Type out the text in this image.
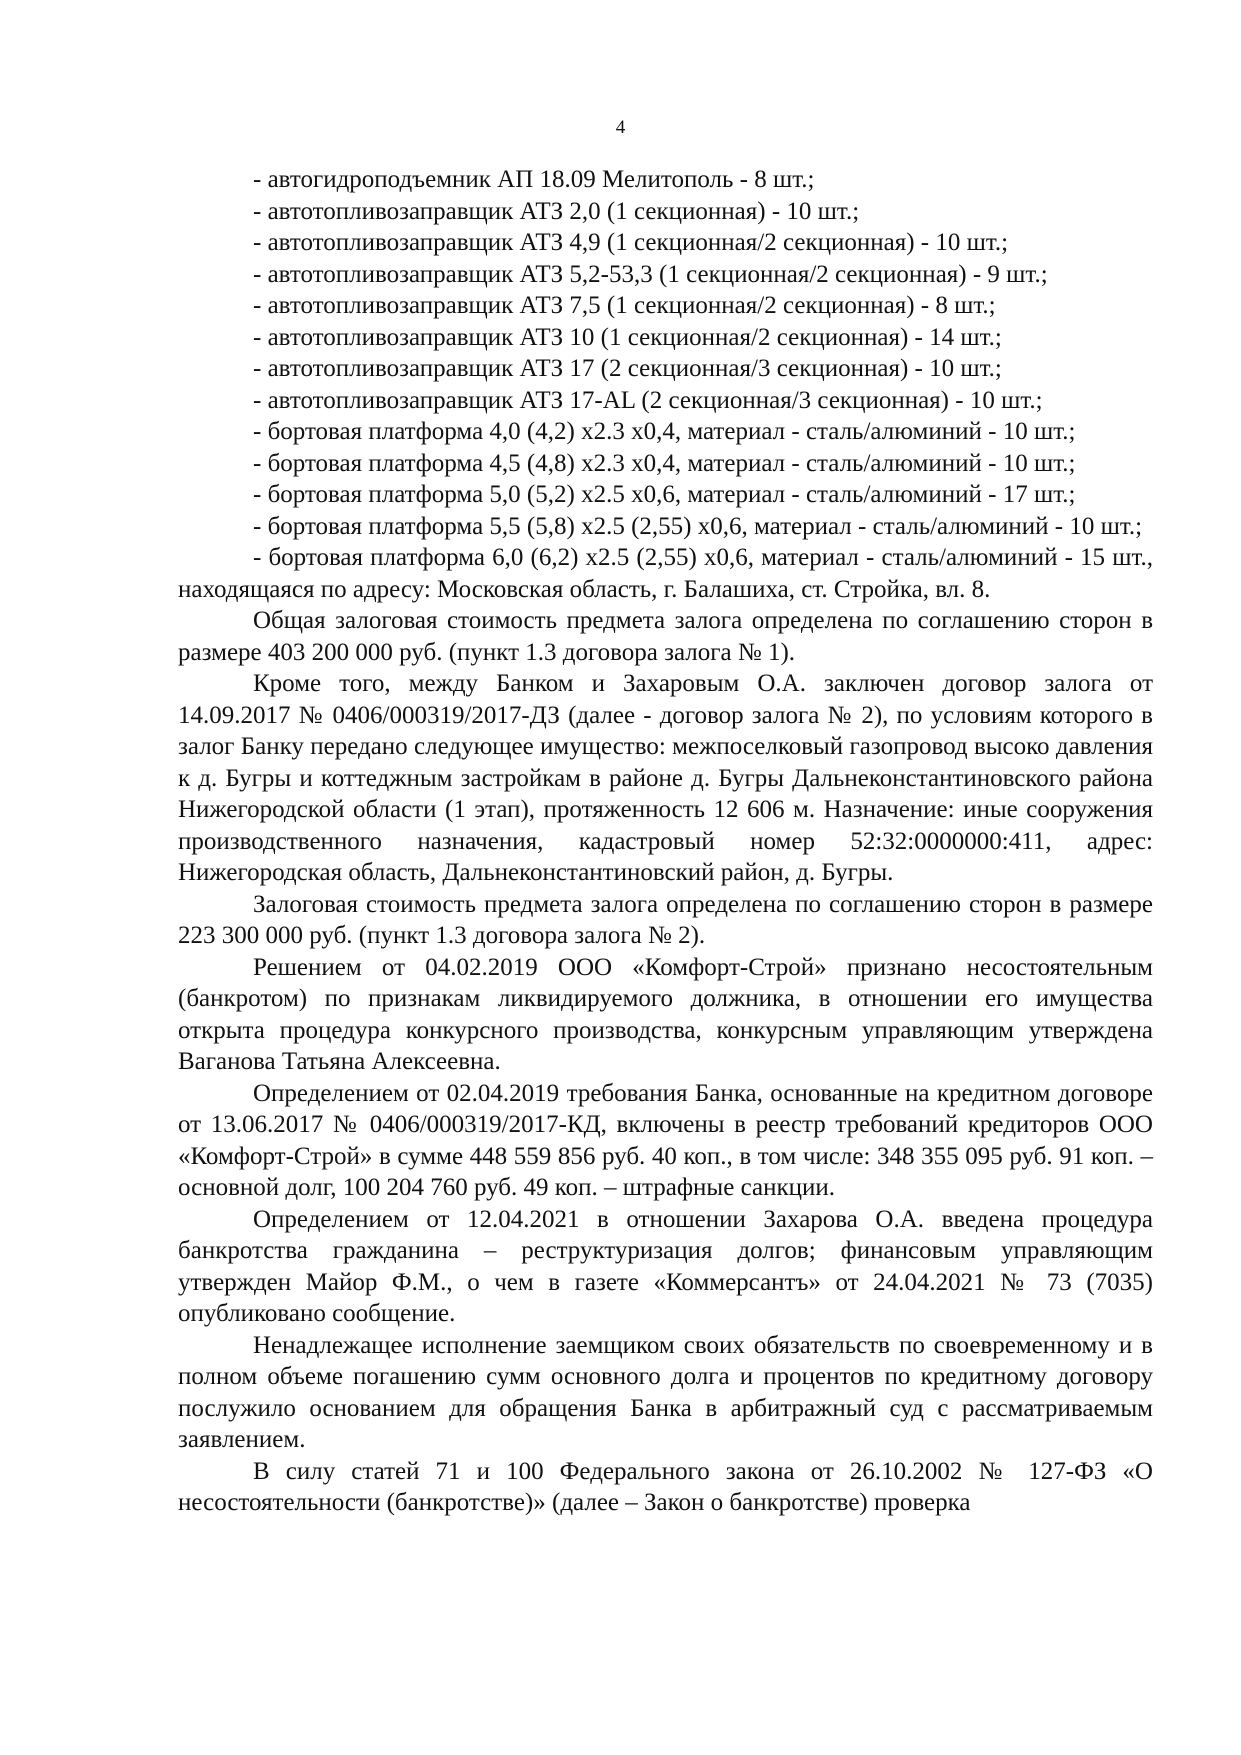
4
- автогидроподъемник АП 18.09 Мелитополь - 8 шт.;
- автотопливозаправщик АТЗ 2,0 (1 секционная) - 10 шт.;
- автотопливозаправщик АТЗ 4,9 (1 секционная/2 секционная) - 10 шт.;
- автотопливозаправщик АТЗ 5,2-53,3 (1 секционная/2 секционная) - 9 шт.;
- автотопливозаправщик АТЗ 7,5 (1 секционная/2 секционная) - 8 шт.;
- автотопливозаправщик АТЗ 10 (1 секционная/2 секционная) - 14 шт.;
- автотопливозаправщик АТЗ 17 (2 секционная/3 секционная) - 10 шт.;
- автотопливозаправщик АТЗ 17-AL (2 секционная/3 секционная) - 10 шт.;
- бортовая платформа 4,0 (4,2) х2.3 х0,4, материал - сталь/алюминий - 10 шт.;
- бортовая платформа 4,5 (4,8) х2.3 х0,4, материал - сталь/алюминий - 10 шт.;
- бортовая платформа 5,0 (5,2) х2.5 х0,6, материал - сталь/алюминий - 17 шт.;

- бортовая платформа 5,5 (5,8) х2.5 (2,55) х0,6, материал - сталь/алюминий - 10 шт.;

- бортовая платформа 6,0 (6,2) х2.5 (2,55) х0,6, материал - сталь/алюминий - 15 шт., находящаяся по адресу: Московская область, г. Балашиха, ст. Стройка, вл. 8.

Общая залоговая стоимость предмета залога определена по соглашению сторон в размере 403 200 000 руб. (пункт 1.3 договора залога № 1).

Кроме того, между Банком и Захаровым О.А. заключен договор залога от 14.09.2017 № 0406/000319/2017-ДЗ (далее - договор залога № 2), по условиям которого в залог Банку передано следующее имущество: межпоселковый газопровод высоко давления к д. Бугры и коттеджным застройкам в районе д. Бугры Дальнеконстантиновского района Нижегородской области (1 этап), протяженность 12 606 м. Назначение: иные сооружения производственного назначения, кадастровый номер 52:32:0000000:411, адрес: Нижегородская область, Дальнеконстантиновский район, д. Бугры.

Залоговая стоимость предмета залога определена по соглашению сторон в размере 223 300 000 руб. (пункт 1.3 договора залога № 2).

Решением от 04.02.2019 ООО «Комфорт-Строй» признано несостоятельным (банкротом) по признакам ликвидируемого должника, в отношении его имущества открыта процедура конкурсного производства, конкурсным управляющим утверждена Ваганова Татьяна Алексеевна.

Определением от 02.04.2019 требования Банка, основанные на кредитном договоре от 13.06.2017 № 0406/000319/2017-КД, включены в реестр требований кредиторов ООО «Комфорт-Строй» в сумме 448 559 856 руб. 40 коп., в том числе: 348 355 095 руб. 91 коп. – основной долг, 100 204 760 руб. 49 коп. – штрафные санкции.

Определением от 12.04.2021 в отношении Захарова О.А. введена процедура банкротства гражданина – реструктуризация долгов; финансовым управляющим утвержден Майор Ф.М., о чем в газете «Коммерсантъ» от 24.04.2021 № 73 (7035) опубликовано сообщение.

Ненадлежащее исполнение заемщиком своих обязательств по своевременному и в полном объеме погашению сумм основного долга и процентов по кредитному договору послужило основанием для обращения Банка в арбитражный суд с рассматриваемым заявлением.

В силу статей 71 и 100 Федерального закона от 26.10.2002 № 127-ФЗ «О несостоятельности (банкротстве)» (далее – Закон о банкротстве) проверка
